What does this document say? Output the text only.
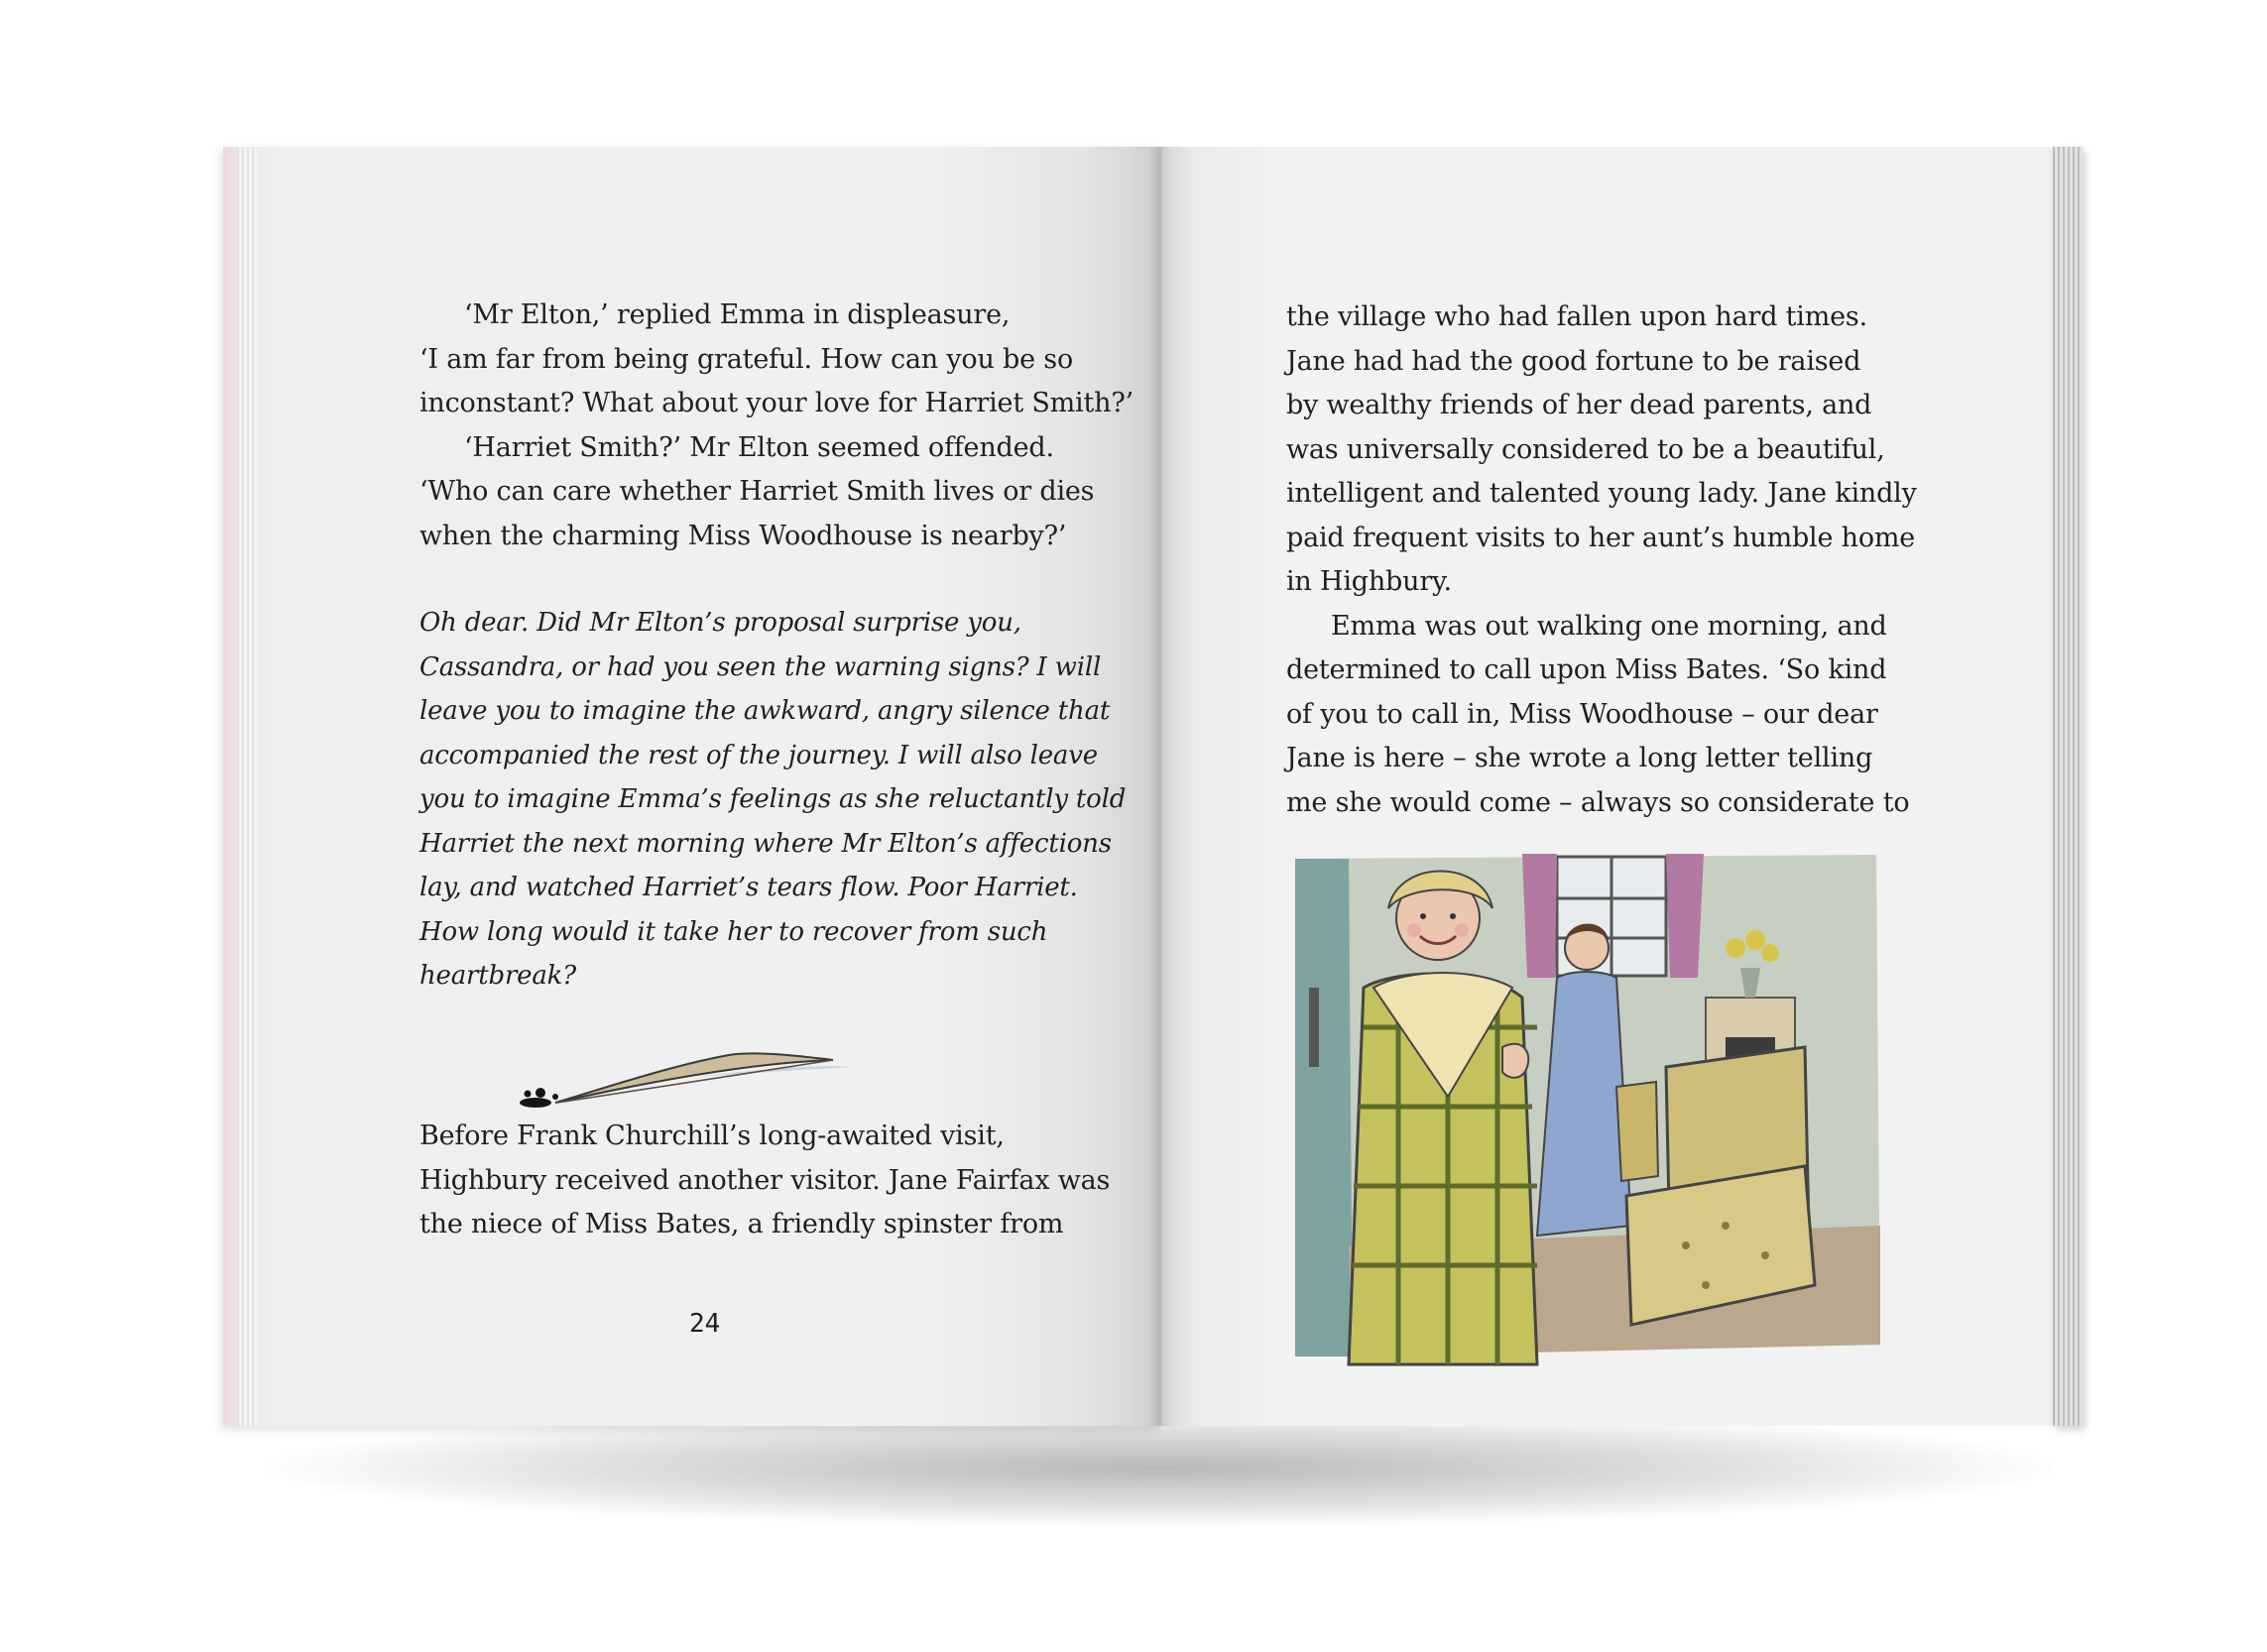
‘Mr Elton,’ replied Emma in displeasure,

‘I am far from being grateful. How can you be so

inconstant? What about your love for Harriet Smith?’

‘Harriet Smith?’ Mr Elton seemed offended.

‘Who can care whether Harriet Smith lives or dies

when the charming Miss Woodhouse is nearby?’

Oh dear. Did Mr Elton’s proposal surprise you,

Cassandra, or had you seen the warning signs? I will

leave you to imagine the awkward, angry silence that

accompanied the rest of the journey. I will also leave

you to imagine Emma’s feelings as she reluctantly told

Harriet the next morning where Mr Elton’s affections

lay, and watched Harriet’s tears flow. Poor Harriet.

How long would it take her to recover from such

heartbreak?

Before Frank Churchill’s long-awaited visit,

Highbury received another visitor. Jane Fairfax was

the niece of Miss Bates, a friendly spinster from

24

the village who had fallen upon hard times.

Jane had had the good fortune to be raised

by wealthy friends of her dead parents, and

was universally considered to be a beautiful,

intelligent and talented young lady. Jane kindly

paid frequent visits to her aunt’s humble home

in Highbury.

Emma was out walking one morning, and

determined to call upon Miss Bates. ‘So kind

of you to call in, Miss Woodhouse – our dear

Jane is here – she wrote a long letter telling

me she would come – always so considerate to
